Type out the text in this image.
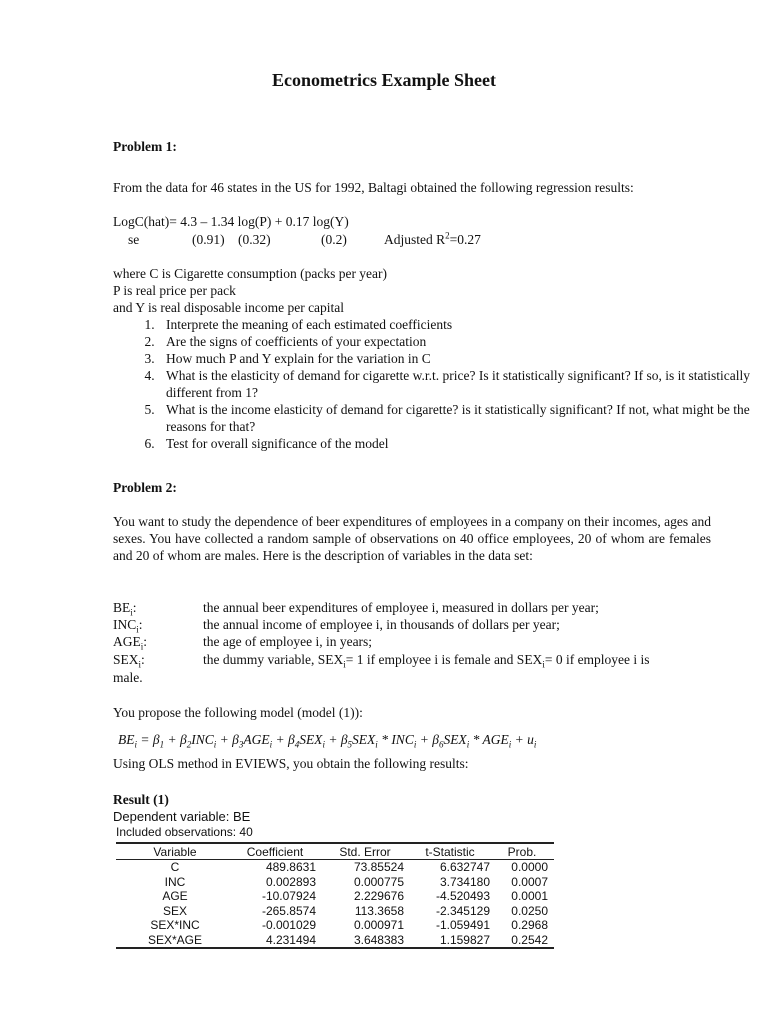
Econometrics Example Sheet
Problem 1:
From the data for 46 states in the US for 1992, Baltagi obtained the following regression results:
LogC(hat)= 4.3 – 1.34 log(P) + 0.17 log(Y)
se	(0.91) (0.32)	(0.2)	Adjusted $R^2=0.27$
where C is Cigarette consumption (packs per year)
P is real price per pack
and Y is real disposable income per capital
1. Interprete the meaning of each estimated coefficients
2. Are the signs of coefficients of your expectation
3. How much P and Y explain for the variation in C
4. What is the elasticity of demand for cigarette w.r.t. price? Is it statistically significant? If so, is it statistically different from 1?
5. What is the income elasticity of demand for cigarette? is it statistically significant? If not, what might be the reasons for that?
6. Test for overall significance of the model
Problem 2:
You want to study the dependence of beer expenditures of employees in a company on their incomes, ages and sexes. You have collected a random sample of observations on 40 office employees, 20 of whom are females and 20 of whom are males. Here is the description of variables in the data set:
$BE_i$:	the annual beer expenditures of employee i, measured in dollars per year;
$INC_i$:	the annual income of employee i, in thousands of dollars per year;
$AGE_i$:	the age of employee i, in years;
$SEX_i$:	the dummy variable, $SEX_i= 1$ if employee i is female and $SEX_i= 0$ if employee i is
male.
You propose the following model (model (1)):
$BE_i = \beta_1 + \beta_2INC_i + \beta_3AGE_i + \beta_4SEX_i + \beta_5SEX_i * INC_i + \beta_6SEX_i * AGE_i + u_i$
Using OLS method in EVIEWS, you obtain the following results:
Result (1)
Dependent variable: BE
Included observations: 40
Variable	Coefficient	Std. Error	t-Statistic	Prob.
C	489.8631	73.85524	6.632747	0.0000
INC	0.002893	0.000775	3.734180	0.0007
AGE	-10.07924	2.229676	-4.520493	0.0001
SEX	-265.8574	113.3658	-2.345129	0.0250
SEX*INC	-0.001029	0.000971	-1.059491	0.2968
SEX*AGE	4.231494	3.648383	1.159827	0.2542
